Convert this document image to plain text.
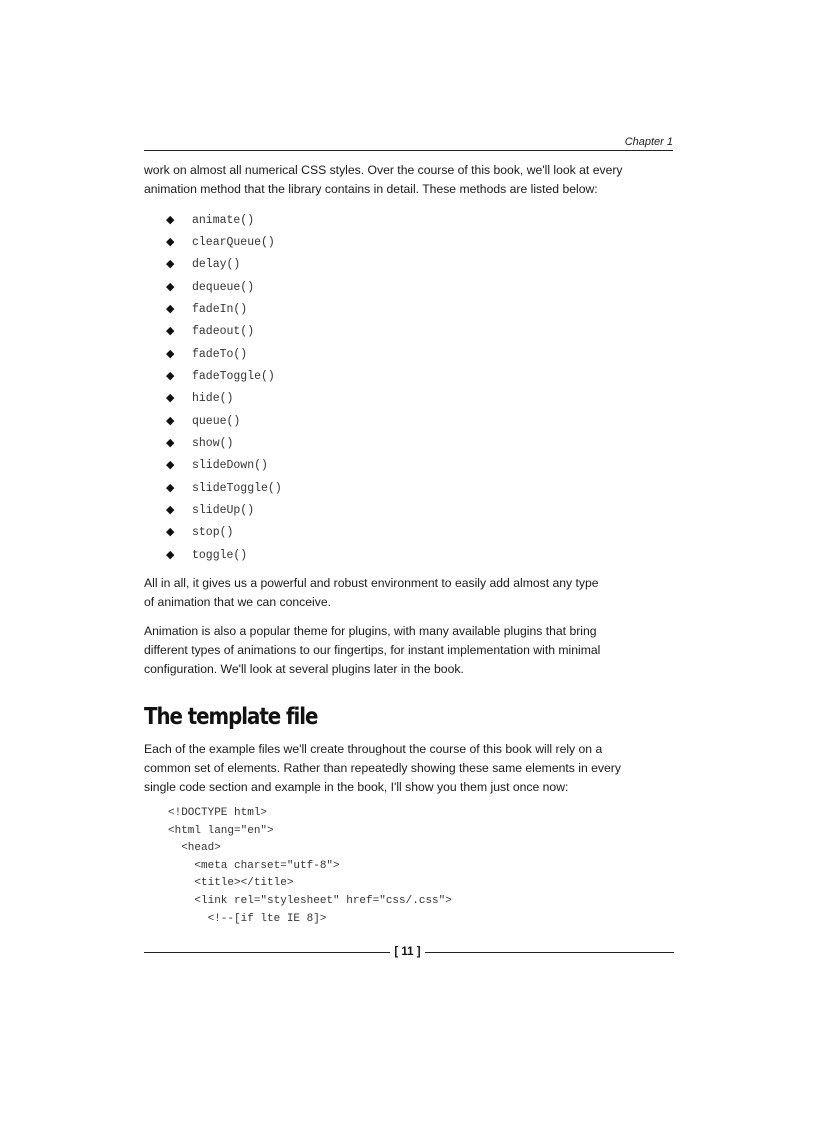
Chapter 1

work on almost all numerical CSS styles. Over the course of this book, we'll look at every
animation method that the library contains in detail. These methods are listed below:

◆	animate()
◆	clearQueue()
◆	delay()
◆	dequeue()
◆	fadeIn()
◆	fadeout()
◆	fadeTo()
◆	fadeToggle()
◆	hide()
◆	queue()
◆	show()
◆	slideDown()
◆	slideToggle()
◆	slideUp()
◆	stop()
◆	toggle()

All in all, it gives us a powerful and robust environment to easily add almost any type
of animation that we can conceive.

Animation is also a popular theme for plugins, with many available plugins that bring
different types of animations to our fingertips, for instant implementation with minimal
configuration. We'll look at several plugins later in the book.

The template file

Each of the example files we'll create throughout the course of this book will rely on a
common set of elements. Rather than repeatedly showing these same elements in every
single code section and example in the book, I'll show you them just once now:

<!DOCTYPE html>
<html lang="en">
<head>
<meta charset="utf-8">
<title></title>
<link rel="stylesheet" href="css/.css">
<!--[if lte IE 8]>
[ 11 ]
